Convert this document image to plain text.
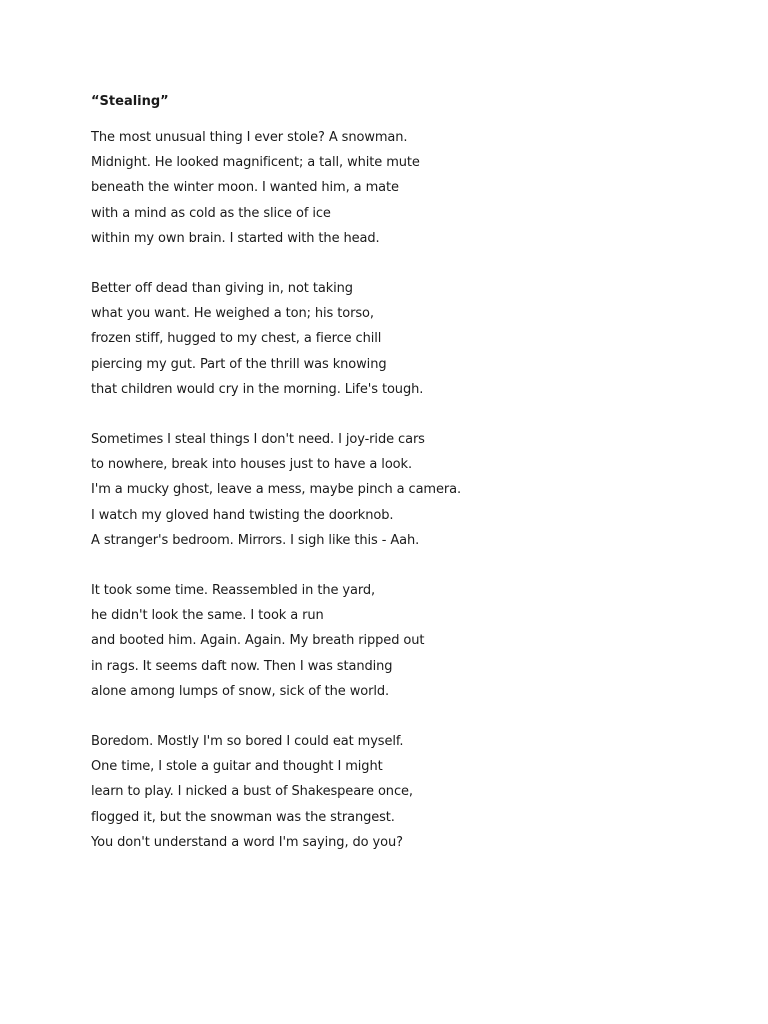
“Stealing”
The most unusual thing I ever stole? A snowman.
Midnight. He looked magnificent; a tall, white mute
beneath the winter moon. I wanted him, a mate
with a mind as cold as the slice of ice
within my own brain. I started with the head.
Better off dead than giving in, not taking
what you want. He weighed a ton; his torso,
frozen stiff, hugged to my chest, a fierce chill
piercing my gut. Part of the thrill was knowing
that children would cry in the morning. Life's tough.
Sometimes I steal things I don't need. I joy-ride cars
to nowhere, break into houses just to have a look.
I'm a mucky ghost, leave a mess, maybe pinch a camera.
I watch my gloved hand twisting the doorknob.
A stranger's bedroom. Mirrors. I sigh like this - Aah.
It took some time. Reassembled in the yard,
he didn't look the same. I took a run
and booted him. Again. Again. My breath ripped out
in rags. It seems daft now. Then I was standing
alone among lumps of snow, sick of the world.
Boredom. Mostly I'm so bored I could eat myself.
One time, I stole a guitar and thought I might
learn to play. I nicked a bust of Shakespeare once,
flogged it, but the snowman was the strangest.
You don't understand a word I'm saying, do you?
